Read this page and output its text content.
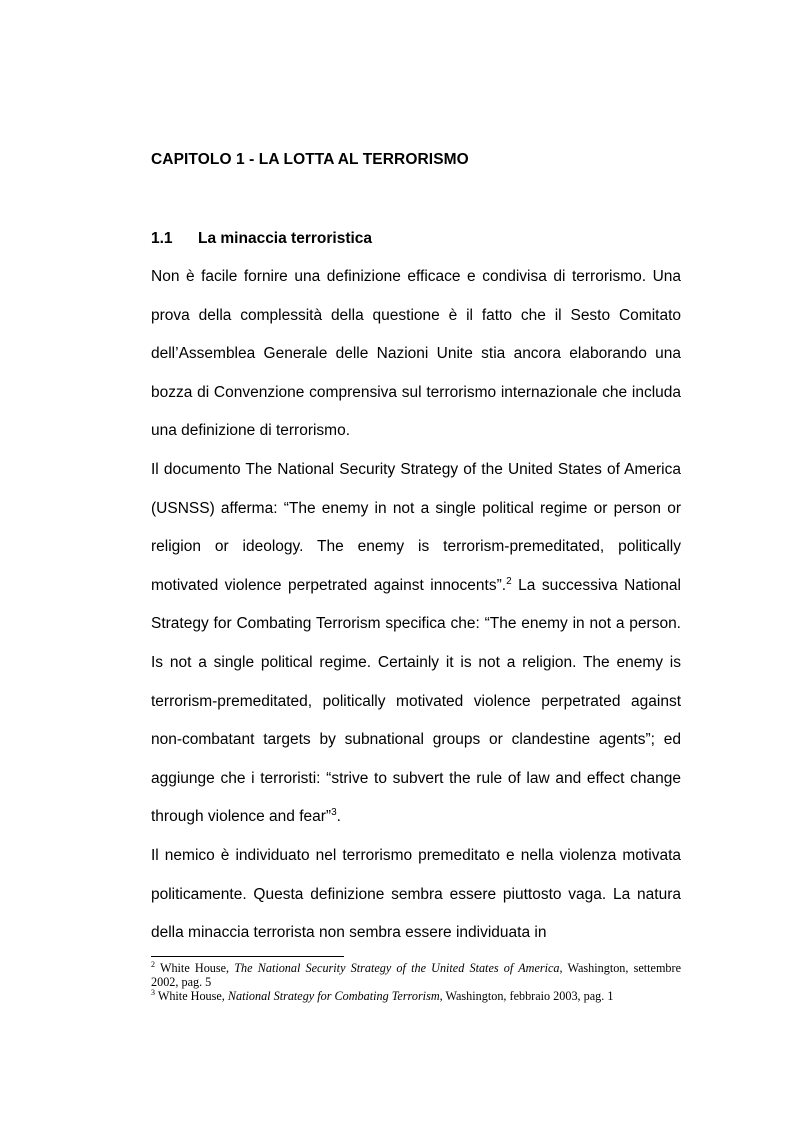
CAPITOLO 1 - LA LOTTA AL TERRORISMO
1.1 La minaccia terroristica

Non è facile fornire una definizione efficace e condivisa di terrorismo. Una prova della complessità della questione è il fatto che il Sesto Comitato dell’Assemblea Generale delle Nazioni Unite stia ancora elaborando una bozza di Convenzione comprensiva sul terrorismo internazionale che includa una definizione di terrorismo.

Il documento The National Security Strategy of the United States of America (USNSS) afferma: “The enemy in not a single political regime or person or religion or ideology. The enemy is terrorism-premeditated, politically motivated violence perpetrated against innocents”.$^2$ La successiva National Strategy for Combating Terrorism specifica che: “The enemy in not a person. Is not a single political regime. Certainly it is not a religion. The enemy is terrorism-premeditated, politically motivated violence perpetrated against non-combatant targets by subnational groups or clandestine agents”; ed aggiunge che i terroristi: “strive to subvert the rule of law and effect change through violence and fear”$^3$.

Il nemico è individuato nel terrorismo premeditato e nella violenza motivata politicamente. Questa definizione sembra essere piuttosto vaga. La natura della minaccia terrorista non sembra essere individuata in

$^2$ White House, The National Security Strategy of the United States of America, Washington, settembre 2002, pag. 5

$^3$ White House, National Strategy for Combating Terrorism, Washington, febbraio 2003, pag. 1
